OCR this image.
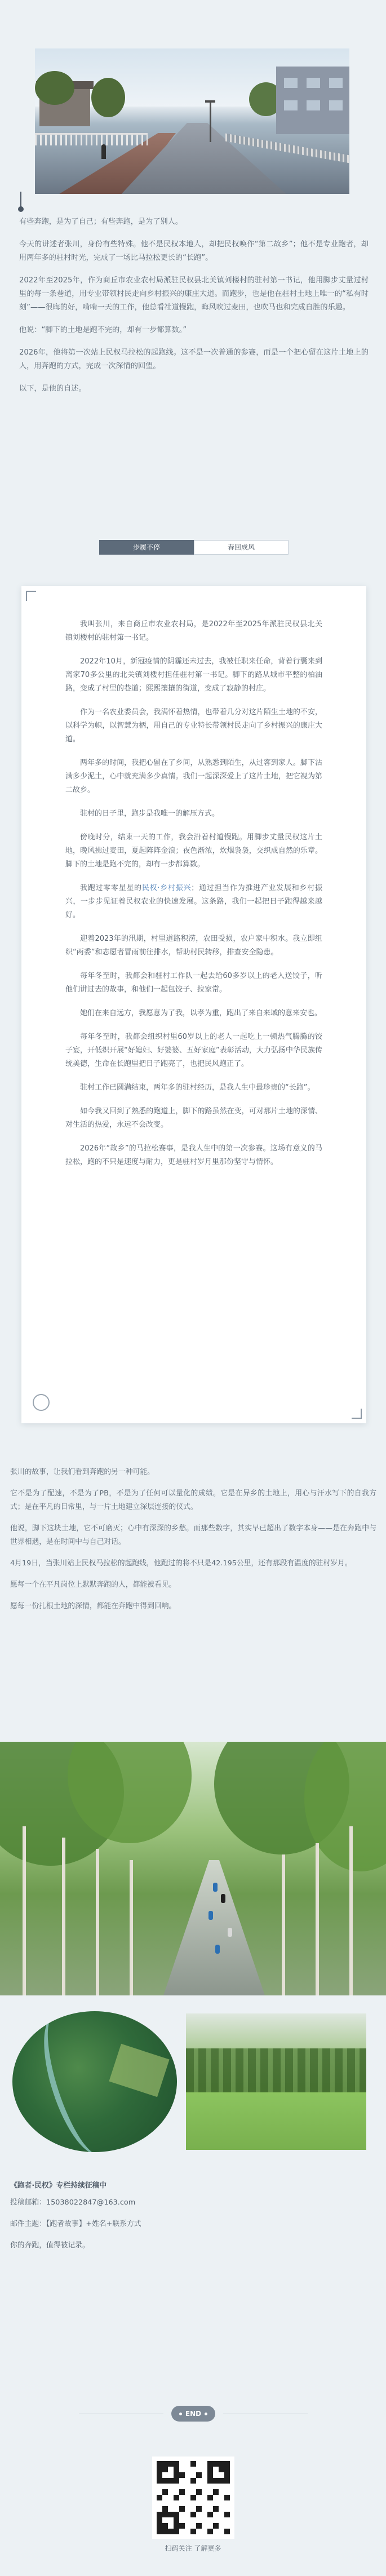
有些奔跑，是为了自己；有些奔跑，是为了别人。

今天的讲述者张川，身份有些特殊。他不是民权本地人，却把民权唤作“第二故乡”；他不是专业跑者，却用两年多的驻村时光，完成了一场比马拉松更长的“长跑”。

2022年至2025年，作为商丘市农业农村局派驻民权县北关镇刘楼村的驻村第一书记，他用脚步丈量过村里的每一条巷道，用专业带领村民走向乡村振兴的康庄大道。而跑步，也是他在驻村土地上唯一的“私有时刻”——很晦的好，啃啃一天的工作，他总看社道慢跑，晦风吹过麦田，也吹马也和完成自胜的乐趣。

他说：“脚下的土地是跑不完的，却有一步都算数。”

2026年，他将第一次站上民权马拉松的起跑线。这不是一次普通的参赛，而是一个把心留在这片土地上的人，用奔跑的方式，完成一次深情的回望。

以下，是他的自述。

步履不停	春回成风

我叫张川，来自商丘市农业农村局，是2022年至2025年派驻民权县北关镇刘楼村的驻村第一书记。

2022年10月，新冠疫情的阴霾还未过去，我被任职来任命，背着行囊来到离家70多公里的北关镇刘楼村担任驻村第一书记。脚下的路从城市平整的柏油路，变成了村里的巷道；熙熙攘攘的街道，变成了寂静的村庄。

作为一名农业委员会，我满怀着热情，也带着几分对这片陌生土地的不安，以科学为帜，以智慧为柄，用自己的专业特长带领村民走向了乡村振兴的康庄大道。

两年多的时间，我把心留在了乡间，从熟悉到陌生，从过客到家人。脚下沾满多少泥土，心中就充满多少真情。我们一起深深爱上了这片土地，把它视为第二故乡。

驻村的日子里，跑步是我唯一的解压方式。

傍晚时分，结束一天的工作，我会沿着村道慢跑。用脚步丈量民权这片土地，晚风拂过麦田，夏起阵阵金浪；夜色渐浓，炊烟袅袅，交织成自然的乐章。脚下的土地是跑不完的，却有一步都算数。

我跑过零零星星的民权·乡村振兴；通过担当作为推进产业发展和乡村振兴，一步步见证着民权农业的快速发展。这条路，我们一起把日子跑得越来越好。

迎着2023年的汛期，村里道路积涝，农田受损，农户家中积水。我立即组织“两委”和志愿者冒雨前往排水，帮助村民转移，排查安全隐患。

每年冬至时，我都会和驻村工作队一起去给60多岁以上的老人送饺子，听他们讲过去的故事，和他们一起包饺子、拉家常。

她们在来自远方，我愿意为了我，以孝为重，跑出了来自来域的意来安也。

每年冬至时，我都会组织村里60岁以上的老人一起吃上一顿热气腾腾的饺子宴，开低织开展“好媳妇、好婆婆、五好家庭”表彰活动，大力弘扬中华民族传统美德，生命在长跑里把日子跑亮了，也把民风跑正了。

驻村工作已圆满结束，两年多的驻村经历，是我人生中最珍贵的“长跑”。

如今我又回到了熟悉的跑道上，脚下的路虽然在变，可对那片土地的深情、对生活的热爱，永远不会改变。

2026年“故乡”的马拉松赛事，是我人生中的第一次参赛。这场有意义的马拉松，跑的不只是速度与耐力，更是驻村岁月里那份坚守与情怀。

张川的故事，让我们看到奔跑的另一种可能。

它不是为了配速，不是为了PB，不是为了任何可以量化的成绩。它是在异乡的土地上，用心与汗水写下的自我方式；是在平凡的日常里，与一片土地建立深层连接的仪式。

他说，脚下这块土地，它不可磨灭；心中有深深的乡愁。而那些数字，其实早已超出了数字本身——是在奔跑中与世界相遇，是在时间中与自己对话。

4月19日，当张川站上民权马拉松的起跑线，他跑过的将不只是42.195公里，还有那段有温度的驻村岁月。

愿每一个在平凡岗位上默默奔跑的人，都能被看见。

愿每一份扎根土地的深情，都能在奔跑中得到回响。

《跑者·民权》专栏持续征稿中
投稿邮箱：15038022847@163.com
邮件主题：【跑者故事】+姓名+联系方式
你的奔跑，值得被记录。
END
扫码关注 了解更多
